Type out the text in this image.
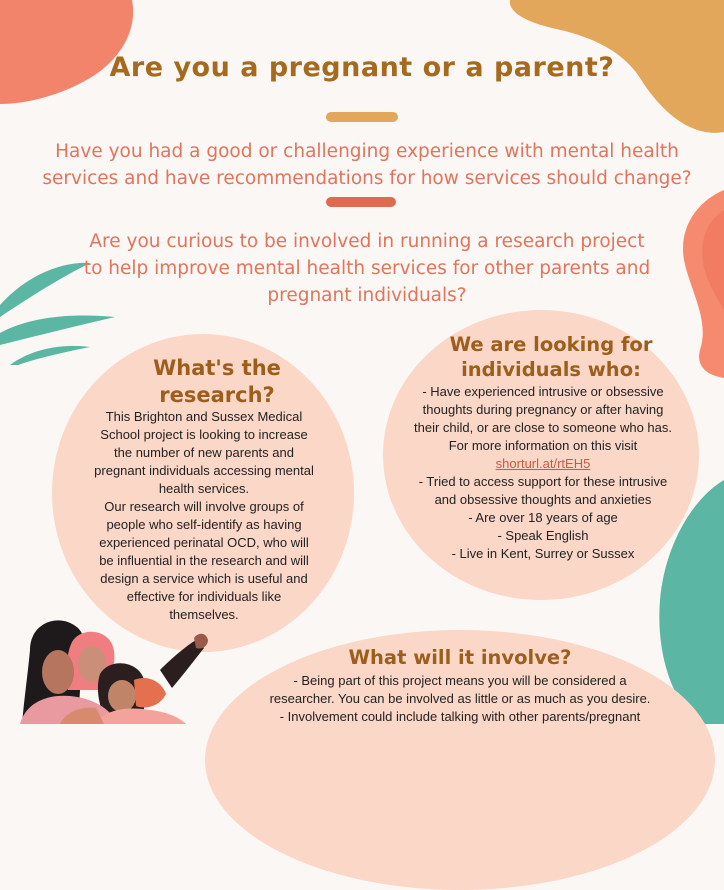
Are you a pregnant or a parent?
Have you had a good or challenging experience with mental health
services and have recommendations for how services should change?
Are you curious to be involved in running a research project
to help improve mental health services for other parents and
pregnant individuals?
What's the
research?
This Brighton and Sussex Medical
School project is looking to increase
the number of new parents and
pregnant individuals accessing mental
health services.
Our research will involve groups of
people who self-identify as having
experienced perinatal OCD, who will
be influential in the research and will
design a service which is useful and
effective for individuals like
themselves.
We are looking for
individuals who:
- Have experienced intrusive or obsessive
thoughts during pregnancy or after having
their child, or are close to someone who has.
For more information on this visit
shorturl.at/rtEH5
- Tried to access support for these intrusive
and obsessive thoughts and anxieties
- Are over 18 years of age
- Speak English
- Live in Kent, Surrey or Sussex
What will it involve?
- Being part of this project means you will be considered a
researcher. You can be involved as little or as much as you desire.
- Involvement could include talking with other parents/pregnant
